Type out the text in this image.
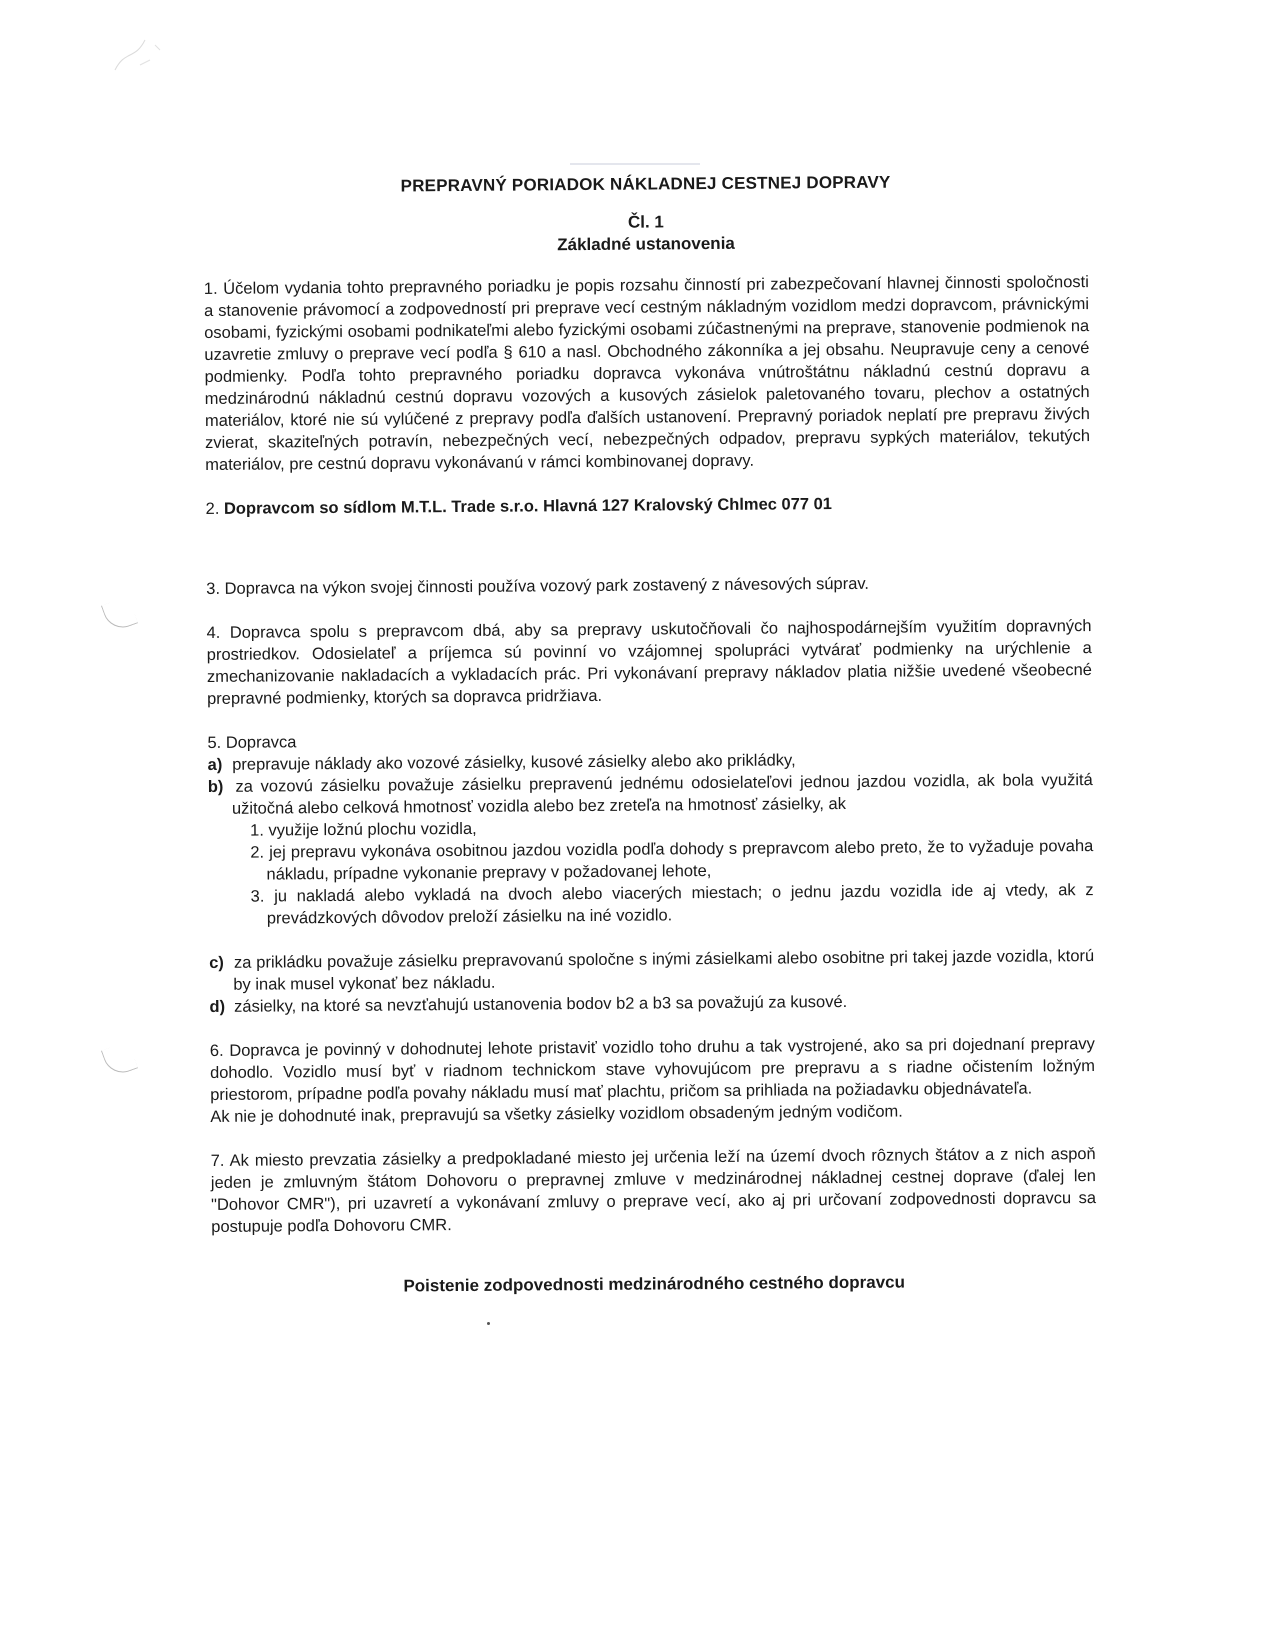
PREPRAVNÝ PORIADOK NÁKLADNEJ CESTNEJ DOPRAVY
Čl. 1
Základné ustanovenia

1. Účelom vydania tohto prepravného poriadku je popis rozsahu činností pri zabezpečovaní hlavnej činnosti spoločnosti a stanovenie právomocí a zodpovedností pri preprave vecí cestným nákladným vozidlom medzi dopravcom, právnickými osobami, fyzickými osobami podnikateľmi alebo fyzickými osobami zúčastnenými na preprave, stanovenie podmienok na uzavretie zmluvy o preprave vecí podľa § 610 a nasl. Obchodného zákonníka a jej obsahu. Neupravuje ceny a cenové podmienky. Podľa tohto prepravného poriadku dopravca vykonáva vnútroštátnu nákladnú cestnú dopravu a medzinárodnú nákladnú cestnú dopravu vozových a kusových zásielok paletovaného tovaru, plechov a ostatných materiálov, ktoré nie sú vylúčené z prepravy podľa ďalších ustanovení. Prepravný poriadok neplatí pre prepravu živých zvierat, skaziteľných potravín, nebezpečných vecí, nebezpečných odpadov, prepravu sypkých materiálov, tekutých materiálov, pre cestnú dopravu vykonávanú v rámci kombinovanej dopravy.

2. Dopravcom so sídlom M.T.L. Trade s.r.o. Hlavná 127 Kralovský Chlmec 077 01

3. Dopravca na výkon svojej činnosti používa vozový park zostavený z návesových súprav.

4. Dopravca spolu s prepravcom dbá, aby sa prepravy uskutočňovali čo najhospodárnejším využitím dopravných prostriedkov. Odosielateľ a príjemca sú povinní vo vzájomnej spolupráci vytvárať podmienky na urýchlenie a zmechanizovanie nakladacích a vykladacích prác. Pri vykonávaní prepravy nákladov platia nižšie uvedené všeobecné prepravné podmienky, ktorých sa dopravca pridržiava.

5. Dopravca

a) prepravuje náklady ako vozové zásielky, kusové zásielky alebo ako prikládky,

b) za vozovú zásielku považuje zásielku prepravenú jednému odosielateľovi jednou jazdou vozidla, ak bola využitá užitočná alebo celková hmotnosť vozidla alebo bez zreteľa na hmotnosť zásielky, ak

1. využije ložnú plochu vozidla,

2. jej prepravu vykonáva osobitnou jazdou vozidla podľa dohody s prepravcom alebo preto, že to vyžaduje povaha nákladu, prípadne vykonanie prepravy v požadovanej lehote,

3. ju nakladá alebo vykladá na dvoch alebo viacerých miestach; o jednu jazdu vozidla ide aj vtedy, ak z prevádzkových dôvodov preloží zásielku na iné vozidlo.

c) za prikládku považuje zásielku prepravovanú spoločne s inými zásielkami alebo osobitne pri takej jazde vozidla, ktorú by inak musel vykonať bez nákladu.

d) zásielky, na ktoré sa nevzťahujú ustanovenia bodov b2 a b3 sa považujú za kusové.

6. Dopravca je povinný v dohodnutej lehote pristaviť vozidlo toho druhu a tak vystrojené, ako sa pri dojednaní prepravy dohodlo. Vozidlo musí byť v riadnom technickom stave vyhovujúcom pre prepravu a s riadne očistením ložným priestorom, prípadne podľa povahy nákladu musí mať plachtu, pričom sa prihliada na požiadavku objednávateľa.

Ak nie je dohodnuté inak, prepravujú sa všetky zásielky vozidlom obsadeným jedným vodičom.

7. Ak miesto prevzatia zásielky a predpokladané miesto jej určenia leží na území dvoch rôznych štátov a z nich aspoň jeden je zmluvným štátom Dohovoru o prepravnej zmluve v medzinárodnej nákladnej cestnej doprave (ďalej len "Dohovor CMR"), pri uzavretí a vykonávaní zmluvy o preprave vecí, ako aj pri určovaní zodpovednosti dopravcu sa postupuje podľa Dohovoru CMR.

Poistenie zodpovednosti medzinárodného cestného dopravcu
